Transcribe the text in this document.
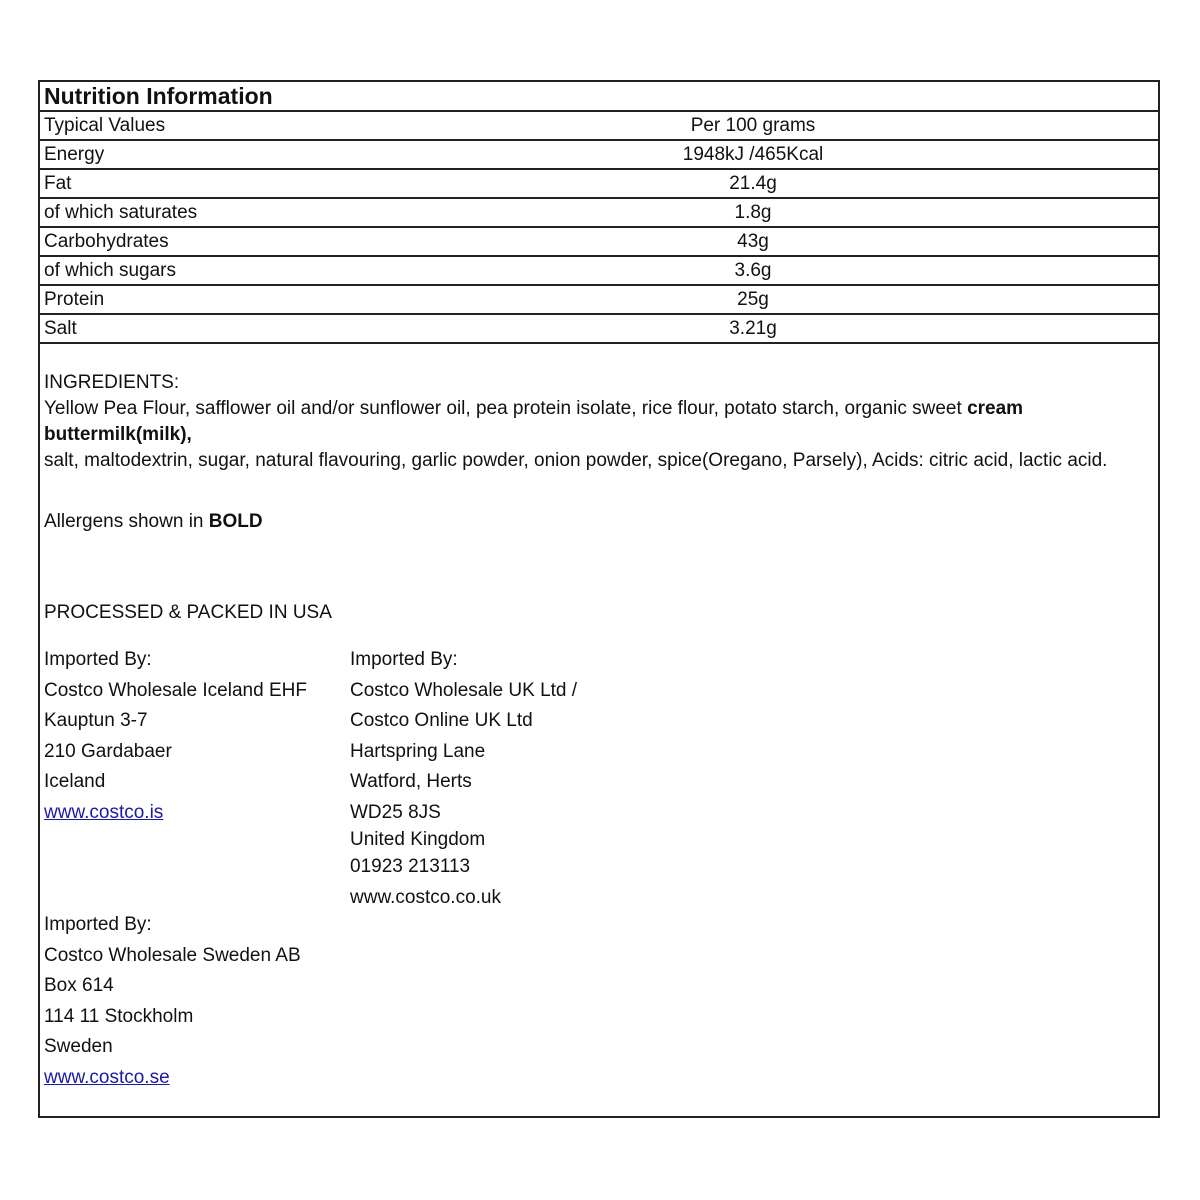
Nutrition Information	
Typical Values	Per 100 grams
Energy	1948kJ /465Kcal
Fat	21.4g
of which saturates	1.8g
Carbohydrates	43g
of which sugars	3.6g
Protein	25g
Salt	3.21g
INGREDIENTS:
Yellow Pea Flour, safflower oil and/or sunflower oil, pea protein isolate, rice flour, potato starch, organic sweet cream buttermilk(milk),
salt, maltodextrin, sugar, natural flavouring, garlic powder, onion powder, spice(Oregano, Parsely), Acids: citric acid, lactic acid.
Allergens shown in BOLD
PROCESSED & PACKED IN USA
Imported By:
Costco Wholesale Iceland EHF
Kauptun 3-7
210 Gardabaer
Iceland
www.costco.is
Imported By:
Costco Wholesale UK Ltd /
Costco Online UK Ltd
Hartspring Lane
Watford, Herts
WD25 8JS
United Kingdom
01923 213113
www.costco.co.uk
Imported By:
Costco Wholesale Sweden AB
Box 614
114 11 Stockholm
Sweden
www.costco.se
